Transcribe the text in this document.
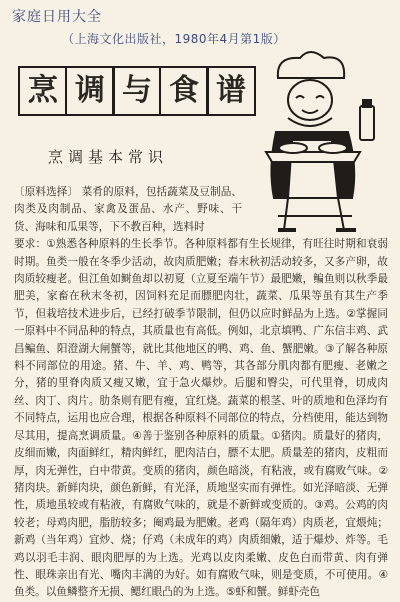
家庭日用大全
（上海文化出版社，1980年4月第1版）
烹 调 与 食 谱
烹调基本常识
〔原料选择〕 菜肴的原料，包括蔬菜及豆制品、肉类及肉制品、家禽及蛋品、水产、野味、干货、海味和瓜果等，下不教百种，选料时
要求：①熟悉各种原料的生长季节。各种原料都有生长规律，有旺往时期和衰弱时期。鱼类一般在冬季少活动，故肉质肥嫩；春末秋初活动较多，又多产卵，故肉质较瘦老。但江鱼如鲥鱼却以初夏（立夏至端午节）最肥嫩，鳊鱼则以秋季最肥美，家畜在秋末冬初，因饲料充足而膘肥肉壮，蔬菜、瓜果等虽有其生产季节，但栽培技术进步后，已经打破季节限制，但仍以应时鲜品为上选。②掌握同一原料中不同品种的特点，其质量也有高低。例如，北京填鸭、广东信丰鸡、武昌鳊鱼、阳澄湖大闸蟹等，就比其他地区的鸭、鸡、鱼、蟹肥嫩。③了解各种原料不同部位的用途。猪、牛、羊、鸡、鸭等，其各部分肌肉都有肥瘦、老嫩之分，猪的里脊肉质又瘦又嫩，宜于急火爆炒。后腿和臀尖，可代里脊，切成肉丝、肉丁、肉片。肋条则有肥有瘦，宜红烧。蔬菜的根茎、叶的质地和色泽均有不同特点，运用也应合理，根据各种原料不同部位的特点，分档使用，能达到物尽其用，提高烹调质量。④善于鉴别各种原料的质量。①猪肉。质量好的猪肉，皮细而嫩，肉面鲜红，精肉鲜红，肥肉洁白，膘不太肥。质量差的猪肉，皮粗而厚，肉无弹性，白中带黄。变质的猪肉，颜色暗淡，有粘液，或有腐败气味。②猪肉块。新鲜肉块，颜色新鲜，有光泽，质地坚实而有弹性。如光泽暗淡、无弹性，质地虽较或有粘液，有腐败气味的，就是不新鲜或变质的。③鸡。公鸡的肉较老；母鸡肉肥，脂肪较多；阉鸡最为肥嫩。老鸡（隔年鸡）肉质老，宜煨炖；新鸡（当年鸡）宜炒、烧；仔鸡（未成年的鸡）肉质细嫩，适于爆炒、炸等。毛鸡以羽毛丰润、眼肉肥厚的为上选。光鸡以皮肉柔嫩、皮色白而带黄、肉有弹性、眼珠亲出有光、嘴肉丰满的为好。如有腐败气味，则是变质，不可使用。④鱼类。以鱼鳞整齐无损、鳃红眼凸的为上选。⑤虾和蟹。鲜虾壳色
